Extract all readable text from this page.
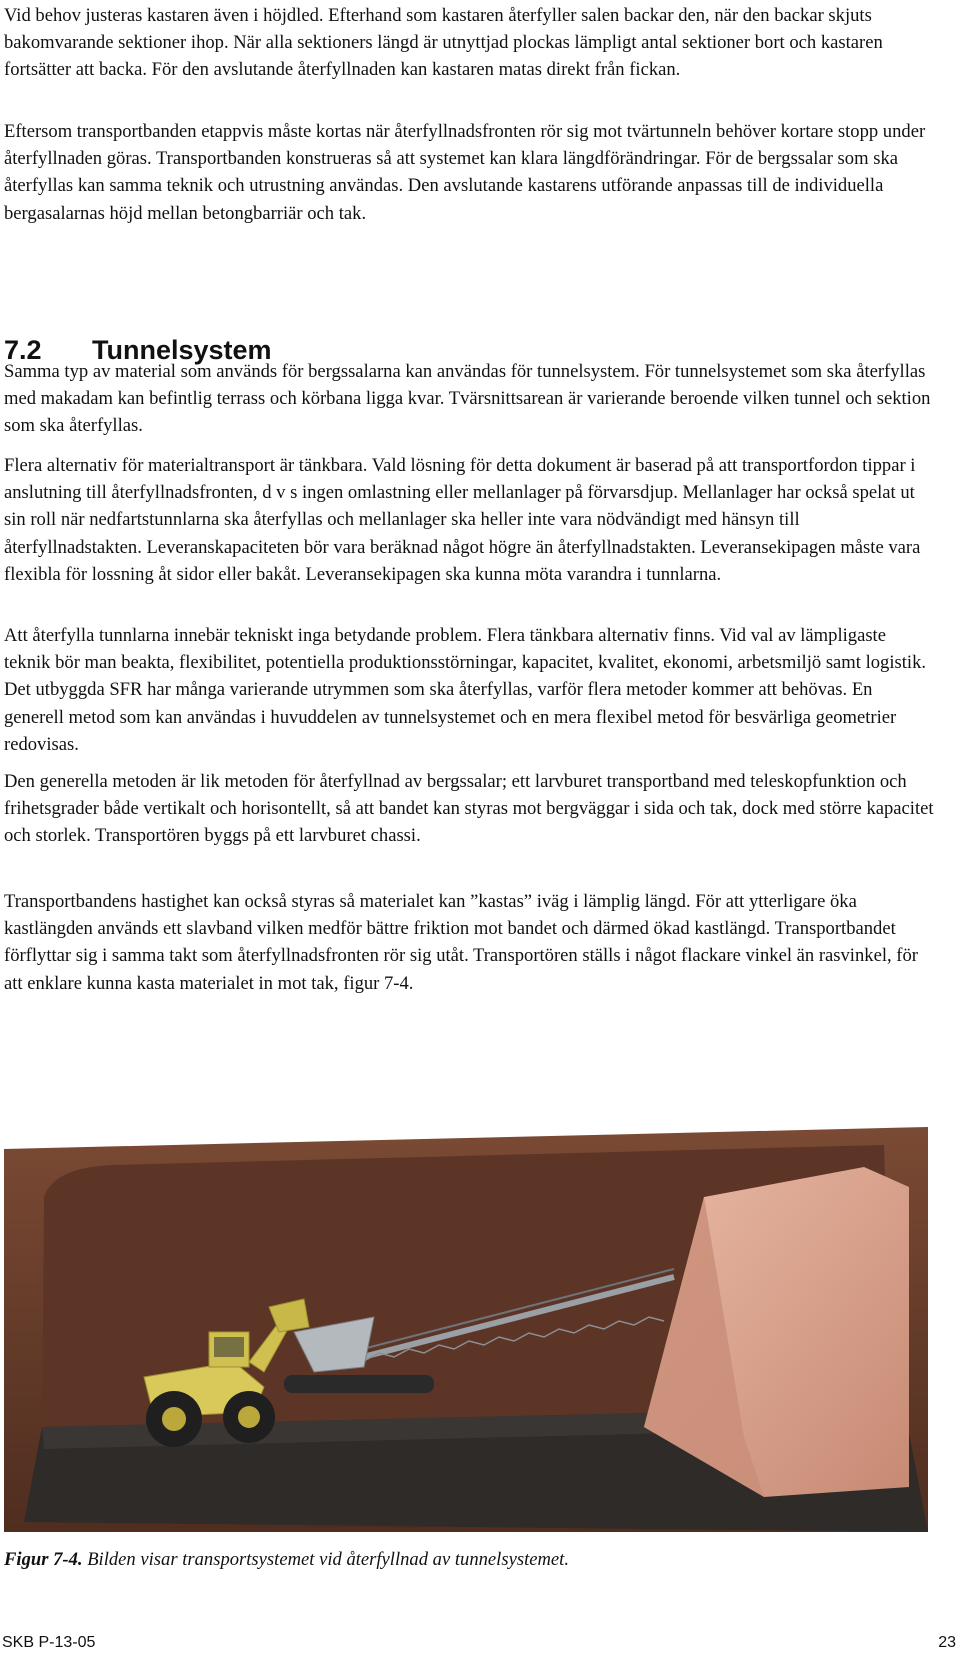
Vid behov justeras kastaren även i höjdled. Efterhand som kastaren återfyller salen backar den, när den backar skjuts bakomvarande sektioner ihop. När alla sektioners längd är utnyttjad plockas lämpligt antal sektioner bort och kastaren fortsätter att backa. För den avslutande återfyllnaden kan kastaren matas direkt från fickan.

Eftersom transportbanden etappvis måste kortas när återfyllnadsfronten rör sig mot tvärtunneln behöver kortare stopp under återfyllnaden göras. Transportbanden konstrueras så att systemet kan klara längdförändringar. För de bergssalar som ska återfyllas kan samma teknik och utrustning användas. Den avslutande kastarens utförande anpassas till de individuella bergasalarnas höjd mellan betongbarriär och tak.

7.2 Tunnelsystem

Samma typ av material som används för bergssalarna kan användas för tunnelsystem. För tunnelsystemet som ska återfyllas med makadam kan befintlig terrass och körbana ligga kvar. Tvärsnittsarean är varierande beroende vilken tunnel och sektion som ska återfyllas.

Flera alternativ för materialtransport är tänkbara. Vald lösning för detta dokument är baserad på att transportfordon tippar i anslutning till återfyllnadsfronten, d v s ingen omlastning eller mellanlager på förvarsdjup. Mellanlager har också spelat ut sin roll när nedfartstunnlarna ska återfyllas och mellanlager ska heller inte vara nödvändigt med hänsyn till återfyllnadstakten. Leveranskapaciteten bör vara beräknad något högre än återfyllnadstakten. Leveransekipagen måste vara flexibla för lossning åt sidor eller bakåt. Leveransekipagen ska kunna möta varandra i tunnlarna.

Att återfylla tunnlarna innebär tekniskt inga betydande problem. Flera tänkbara alternativ finns. Vid val av lämpligaste teknik bör man beakta, flexibilitet, potentiella produktionsstörningar, kapacitet, kvalitet, ekonomi, arbetsmiljö samt logistik. Det utbyggda SFR har många varierande utrymmen som ska återfyllas, varför flera metoder kommer att behövas. En generell metod som kan användas i huvuddelen av tunnelsystemet och en mera flexibel metod för besvärliga geometrier redovisas.

Den generella metoden är lik metoden för återfyllnad av bergssalar; ett larvburet transportband med teleskopfunktion och frihetsgrader både vertikalt och horisontellt, så att bandet kan styras mot bergväggar i sida och tak, dock med större kapacitet och storlek. Transportören byggs på ett larvburet chassi.

Transportbandens hastighet kan också styras så materialet kan ”kastas” iväg i lämplig längd. För att ytterligare öka kastlängden används ett slavband vilken medför bättre friktion mot bandet och därmed ökad kastlängd. Transportbandet förflyttar sig i samma takt som återfyllnadsfronten rör sig utåt. Transportören ställs i något flackare vinkel än rasvinkel, för att enklare kunna kasta materialet in mot tak, figur 7-4.

Figur 7-4. Bilden visar transportsystemet vid återfyllnad av tunnelsystemet.

SKB P-13-05	23
